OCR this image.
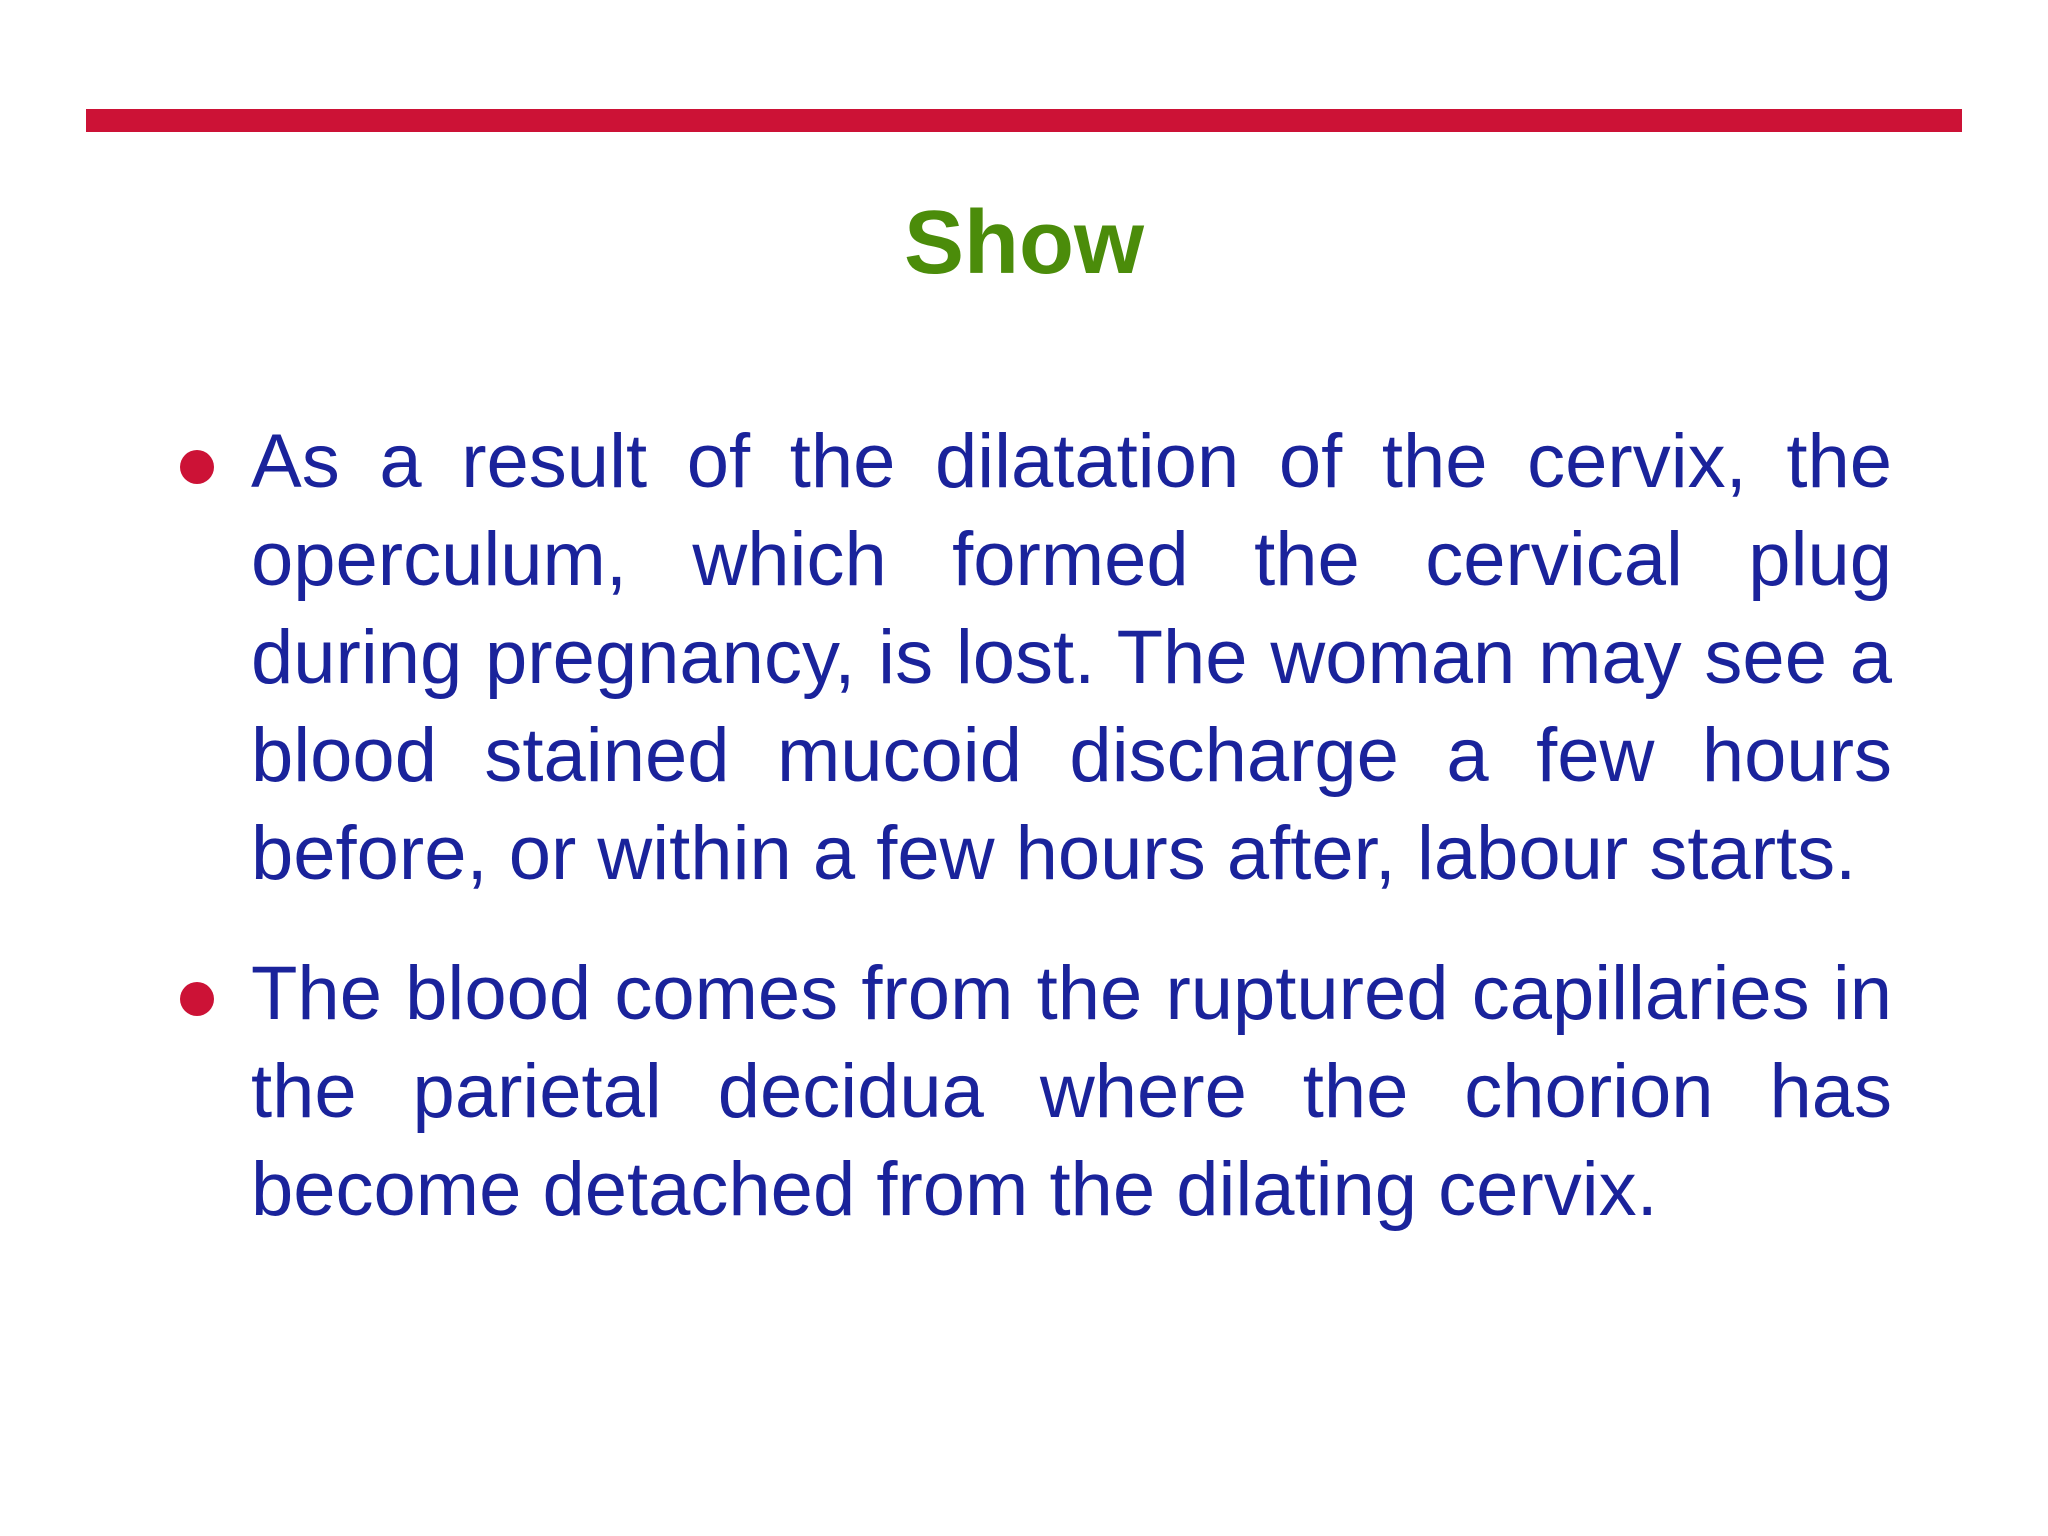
Show
As a result of the dilatation of the cervix, the operculum, which formed the cervical plug during pregnancy, is lost. The woman may see a blood stained mucoid discharge a few hours before, or within a few hours after, labour starts.
The blood comes from the ruptured capillaries in the parietal decidua where the chorion has become detached from the dilating cervix.
